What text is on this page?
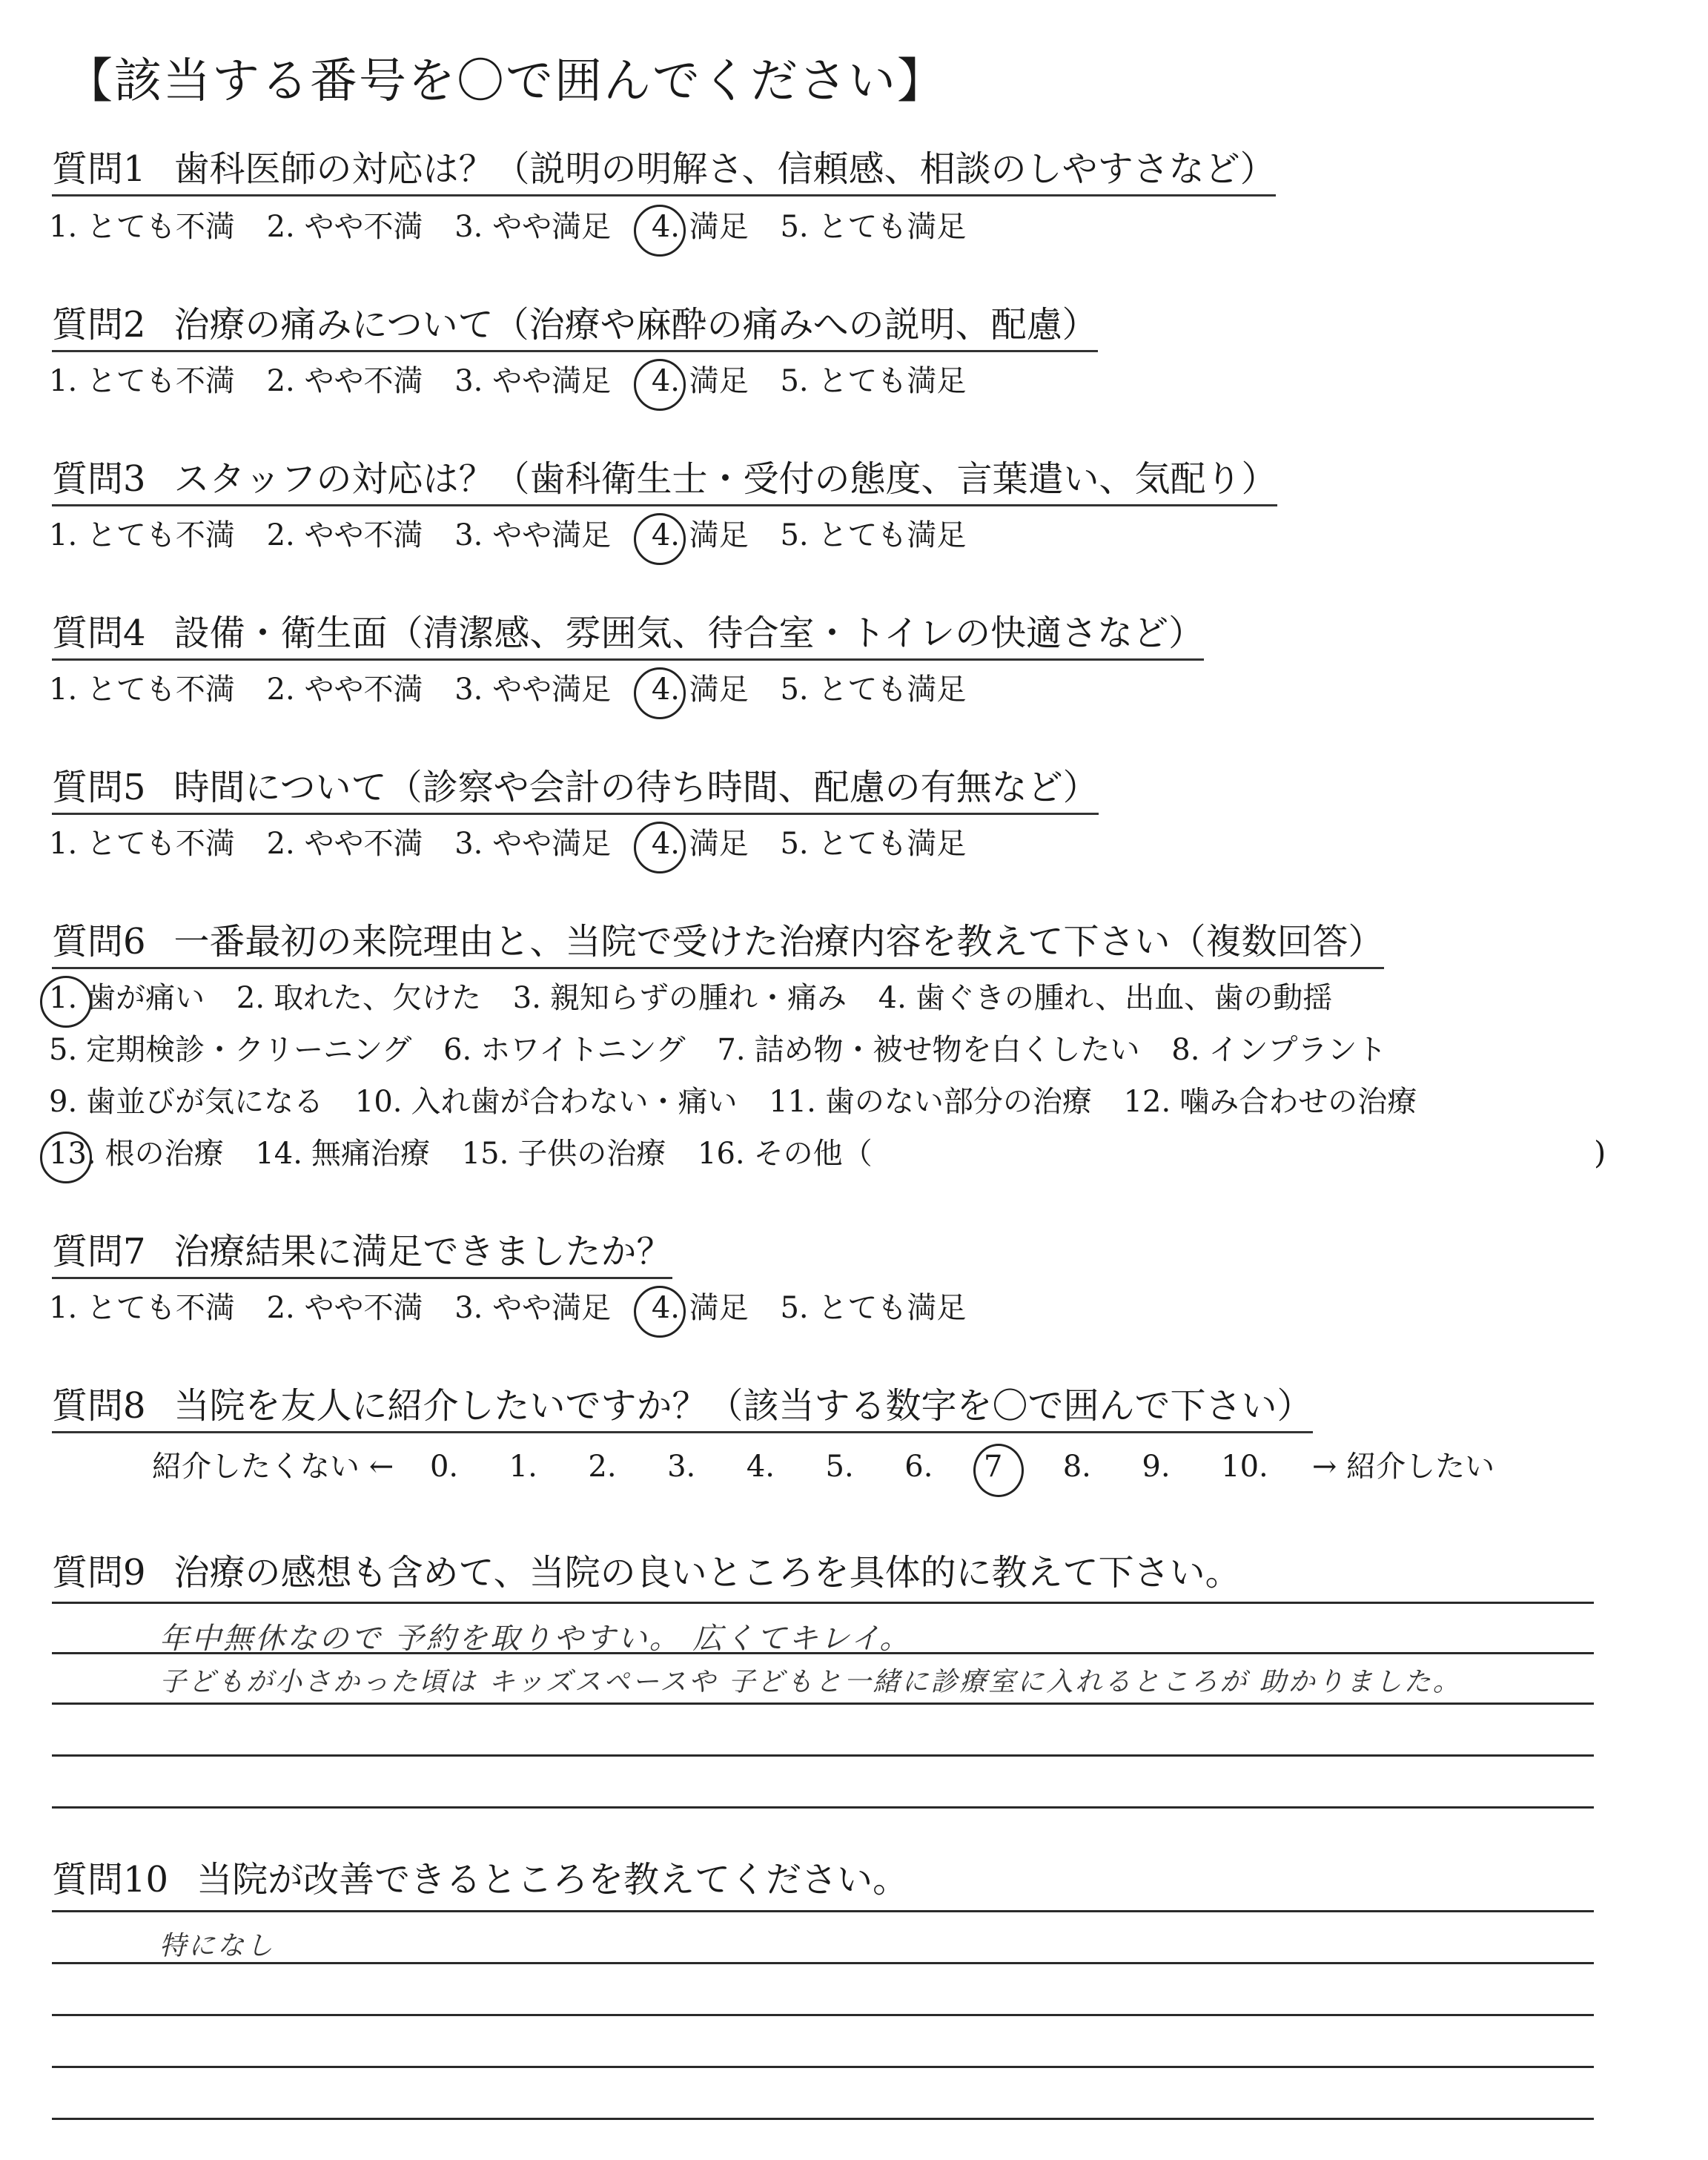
【該当する番号を〇で囲んでください】
質問1 歯科医師の対応は？（説明の明解さ、信頼感、相談のしやすさなど）
1. とても不満 2. やや不満 3. やや満足 4. 満足 5. とても満足
質問2 治療の痛みについて（治療や麻酔の痛みへの説明、配慮）
1. とても不満 2. やや不満 3. やや満足 4. 満足 5. とても満足
質問3 スタッフの対応は？（歯科衛生士・受付の態度、言葉遣い、気配り）
1. とても不満 2. やや不満 3. やや満足 4. 満足 5. とても満足
質問4 設備・衛生面（清潔感、雰囲気、待合室・トイレの快適さなど）
1. とても不満 2. やや不満 3. やや満足 4. 満足 5. とても満足
質問5 時間について（診察や会計の待ち時間、配慮の有無など）
1. とても不満 2. やや不満 3. やや満足 4. 満足 5. とても満足
質問6 一番最初の来院理由と、当院で受けた治療内容を教えて下さい（複数回答）
1. 歯が痛い 2. 取れた、欠けた 3. 親知らずの腫れ・痛み 4. 歯ぐきの腫れ、出血、歯の動揺
5. 定期検診・クリーニング 6. ホワイトニング 7. 詰め物・被せ物を白くしたい 8. インプラント
9. 歯並びが気になる 10. 入れ歯が合わない・痛い 11. 歯のない部分の治療 12. 噛み合わせの治療
13. 根の治療 14. 無痛治療 15. 子供の治療 16. その他（	)
質問7 治療結果に満足できましたか？
1. とても不満 2. やや不満 3. やや満足 4. 満足 5. とても満足
質問8 当院を友人に紹介したいですか？（該当する数字を〇で囲んで下さい）
紹介したくない ← 0. 1. 2. 3. 4. 5. 6. 7 8. 9. 10. → 紹介したい
質問9 治療の感想も含めて、当院の良いところを具体的に教えて下さい。
年中無休なので 予約を取りやすい。 広くてキレイ。
子どもが小さかった頃は キッズスペースや 子どもと一緒に診療室に入れるところが 助かりました。
質問10 当院が改善できるところを教えてください。
特になし
